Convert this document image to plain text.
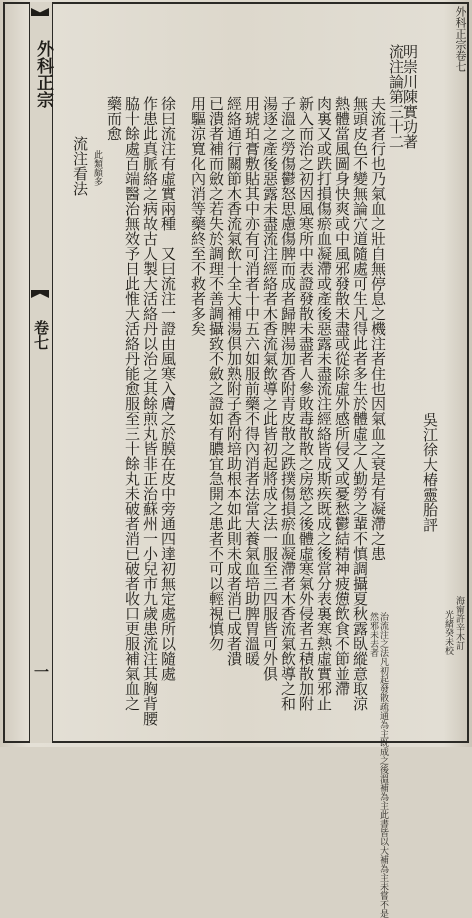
外科正宗卷七
明崇川陳實功著
吳江徐大椿靈胎評
流注論第三十二
海甯許辛木訂
光緒癸未校
夫流者行也乃氣血之壯自無停息之機注者住也因氣血之衰是有凝滯之患
無頭皮色不變無論穴道隨處可生凡得此者多生於體虛之人勤勞之輩不慎調攝夏秋露臥縱意取涼
熱體當風圖身快爽或中風邪發散未盡或從除虛外感所侵又或憂愁鬱結精神疲憊飲食不節並滯
肉裏又或跌打損傷瘀血凝滯或產後惡露未盡流注經絡皆成斯疾既成之後當分表裏寒熱虛實邪止
新入而治之初因風寒所中表證發散未盡者人參敗毒散散之房慾之後體虛寒氣外侵者五積散加附
子溫之勞傷鬱怒思慮傷脾而成者歸脾湯加香附青皮散之跌撲傷損瘀血凝滯者木香流氣飲導之和
湯逐之產後惡露未盡流注經絡者木香流氣飲導之此皆初起將成之法一服至三四服皆可外俱
用琥珀膏敷貼其中亦有可消者十中五六如服前藥不得內消者法當大養氣血培助脾胃溫暖
經絡通行關節木香流氣飲十全大補湯倶加熟附子香附培助根本如此則未成者消已成者潰
已潰者補而斂之若失於調理不善調攝致不斂之證如有膿宜急開之患者不可以輕視慎勿
用驅涼寬化內消等藥終至不救者多矣
治流注之法凡初起發散疏通為主既成之後溫補為主此書皆以大補為主未嘗不是
然邪未去者
徐曰流注有虛實兩種　又曰流注一證由風寒入膚之於膜在皮中旁通四達初無定處所以隨處
作患此真脈絡之病故古人製大活絡丹以治之其餘煎丸皆非正治蘇州一小兒市九歲患流注其胸背腰
脇十餘處百端醫治無效予日此惟大活絡丹能愈服至三十餘丸未破者消已破者收口更服補氣血之
藥而愈
此類頗多
流注看法
外科正宗
卷七
一
